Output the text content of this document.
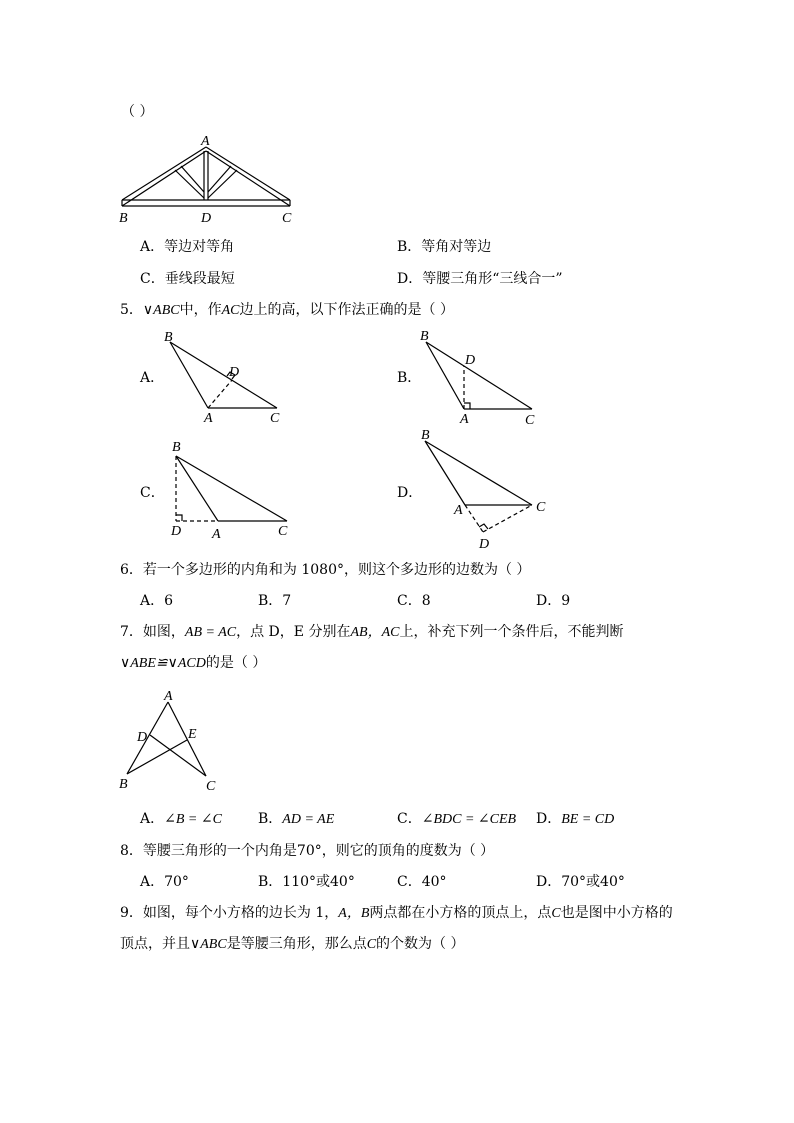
（ ）
A
B	D	C
A．等边对等角	B．等角对等边
C．垂线段最短	D．等腰三角形“三线合一”
5．∨ABC中，作AC边上的高，以下作法正确的是（ ）
A．	B．
C．	D．
B
D
A	C
B
D
A	C
B
D A	C
B
A	C
D
6．若一个多边形的内角和为 1080°，则这个多边形的边数为（ ）
A．6	B．7	C．8	D．9
7．如图，AB = AC，点 D，E 分别在AB，AC上，补充下列一个条件后，不能判断
∨ABE≌∨ACD的是（ ）
A
D	E
B	C
A．∠B = ∠C	B．AD = AE	C．∠BDC = ∠CEB D．BE = CD
8．等腰三角形的一个内角是70°，则它的顶角的度数为（ ）
A．70°	B．110°或40°	C．40°	D．70°或40°
9．如图，每个小方格的边长为 1，A，B两点都在小方格的顶点上，点C也是图中小方格的
顶点，并且∨ABC是等腰三角形，那么点C的个数为（ ）
